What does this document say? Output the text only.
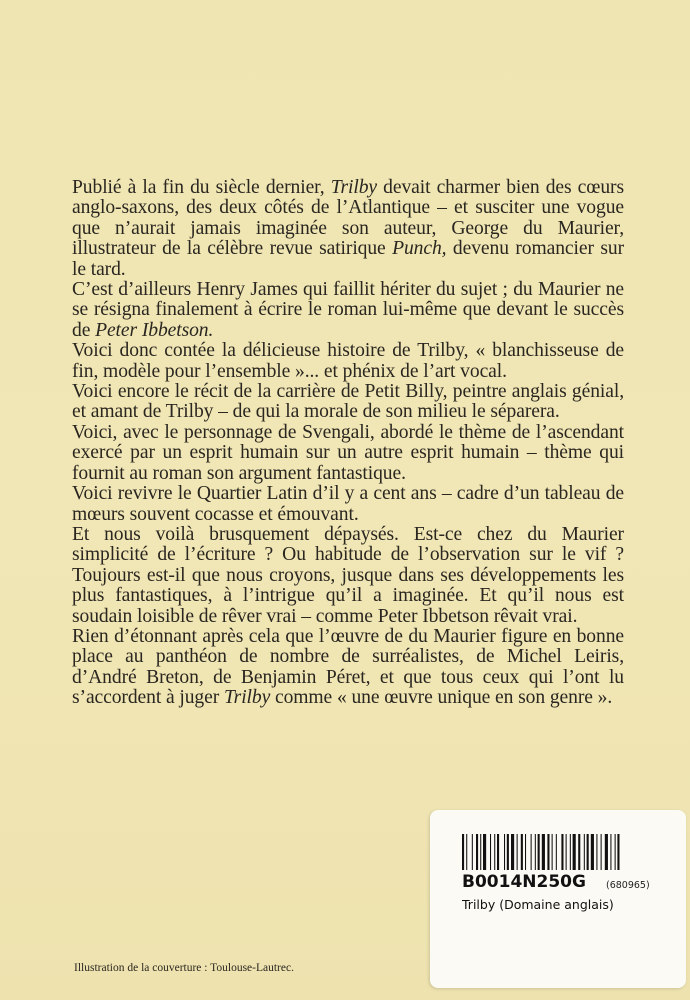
Publié à la fin du siècle dernier, Trilby devait charmer bien des cœurs anglo-saxons, des deux côtés de l’Atlantique – et susciter une vogue que n’aurait jamais imaginée son auteur, George du Maurier, illustrateur de la célèbre revue satirique Punch, devenu romancier sur le tard.

C’est d’ailleurs Henry James qui faillit hériter du sujet ; du Maurier ne se résigna finalement à écrire le roman lui-même que devant le succès de Peter Ibbetson.

Voici donc contée la délicieuse histoire de Trilby, « blanchisseuse de fin, modèle pour l’ensemble »... et phénix de l’art vocal.

Voici encore le récit de la carrière de Petit Billy, peintre anglais génial, et amant de Trilby – de qui la morale de son milieu le séparera.

Voici, avec le personnage de Svengali, abordé le thème de l’ascendant exercé par un esprit humain sur un autre esprit humain – thème qui fournit au roman son argument fantastique.

Voici revivre le Quartier Latin d’il y a cent ans – cadre d’un tableau de mœurs souvent cocasse et émouvant.

Et nous voilà brusquement dépaysés. Est-ce chez du Maurier simplicité de l’écriture ? Ou habitude de l’observation sur le vif ? Toujours est-il que nous croyons, jusque dans ses développements les plus fantastiques, à l’intrigue qu’il a imaginée. Et qu’il nous est soudain loisible de rêver vrai – comme Peter Ibbetson rêvait vrai.

Rien d’étonnant après cela que l’œuvre de du Maurier figure en bonne place au panthéon de nombre de surréalistes, de Michel Leiris, d’André Breton, de Benjamin Péret, et que tous ceux qui l’ont lu s’accordent à juger Trilby comme « une œuvre unique en son genre ».

B0014N250G (680965)
Trilby (Domaine anglais)
Illustration de la couverture : Toulouse-Lautrec.
